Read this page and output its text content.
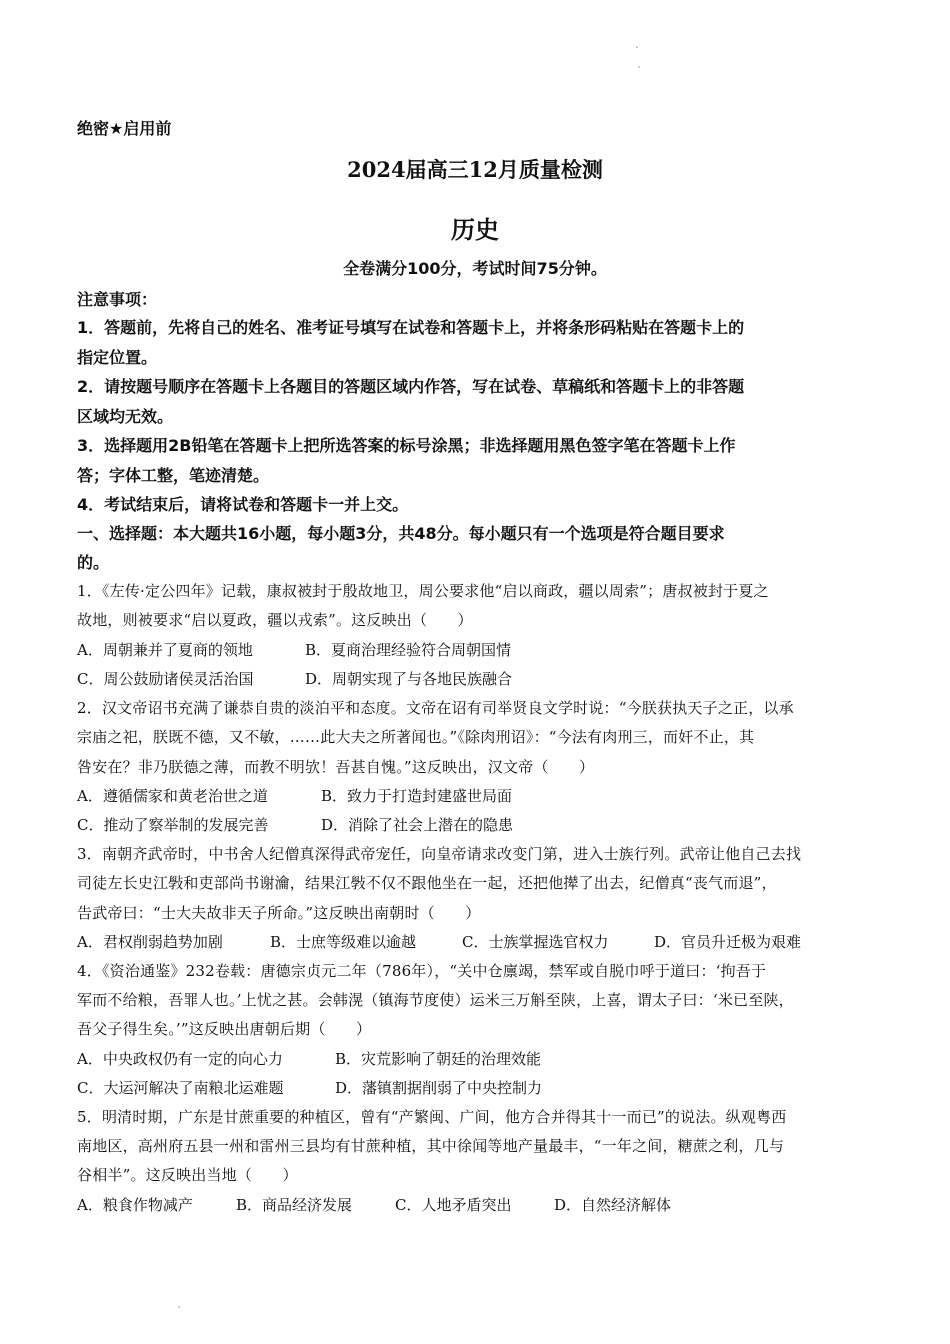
绝密★启用前
2024届高三12月质量检测
历史
全卷满分100分，考试时间75分钟。
注意事项：
1．答题前，先将自己的姓名、准考证号填写在试卷和答题卡上，并将条形码粘贴在答题卡上的
指定位置。
2．请按题号顺序在答题卡上各题目的答题区域内作答，写在试卷、草稿纸和答题卡上的非答题
区域均无效。
3．选择题用2B铅笔在答题卡上把所选答案的标号涂黑；非选择题用黑色签字笔在答题卡上作
答；字体工整，笔迹清楚。
4．考试结束后，请将试卷和答题卡一并上交。
一、选择题：本大题共16小题，每小题3分，共48分。每小题只有一个选项是符合题目要求
的。
1．《左传·定公四年》记载，康叔被封于殷故地卫，周公要求他“启以商政，疆以周索”；唐叔被封于夏之
故地，则被要求“启以夏政，疆以戎索”。这反映出（　　）
A．周朝兼并了夏商的领地	B．夏商治理经验符合周朝国情
C．周公鼓励诸侯灵活治国	D．周朝实现了与各地民族融合
2．汉文帝诏书充满了谦恭自贵的淡泊平和态度。文帝在诏有司举贤良文学时说：“今朕获执天子之正，以承
宗庙之祀，朕既不德，又不敏，……此大夫之所著闻也。”《除肉刑诏》：“今法有肉刑三，而奸不止，其
咎安在？非乃朕德之薄，而教不明欤！吾甚自愧。”这反映出，汉文帝（　　）
A．遵循儒家和黄老治世之道	B．致力于打造封建盛世局面
C．推动了察举制的发展完善	D．消除了社会上潜在的隐患
3．南朝齐武帝时，中书舍人纪僧真深得武帝宠任，向皇帝请求改变门第，进入士族行列。武帝让他自己去找
司徒左长史江斅和吏部尚书谢瀹，结果江斅不仅不跟他坐在一起，还把他撵了出去，纪僧真“丧气而退”，
告武帝曰：“士大夫故非天子所命。”这反映出南朝时（　　）
A．君权削弱趋势加剧	B．士庶等级难以逾越	C．士族掌握选官权力	D．官员升迁极为艰难
4．《资治通鉴》232卷载：唐德宗贞元二年（786年），“关中仓廪竭，禁军或自脱巾呼于道曰：‘拘吾于
军而不给粮，吾罪人也。’上忧之甚。会韩滉（镇海节度使）运米三万斛至陕，上喜，谓太子曰：‘米已至陕，
吾父子得生矣。’”这反映出唐朝后期（　　）
A．中央政权仍有一定的向心力	B．灾荒影响了朝廷的治理效能
C．大运河解决了南粮北运难题	D．藩镇割据削弱了中央控制力
5．明清时期，广东是甘蔗重要的种植区，曾有“产繁闽、广间，他方合并得其十一而已”的说法。纵观粤西
南地区，高州府五县一州和雷州三县均有甘蔗种植，其中徐闻等地产量最丰，“一年之间，糖蔗之利，几与
谷相半”。这反映出当地（　　）
A．粮食作物减产	B．商品经济发展	C．人地矛盾突出	D．自然经济解体
